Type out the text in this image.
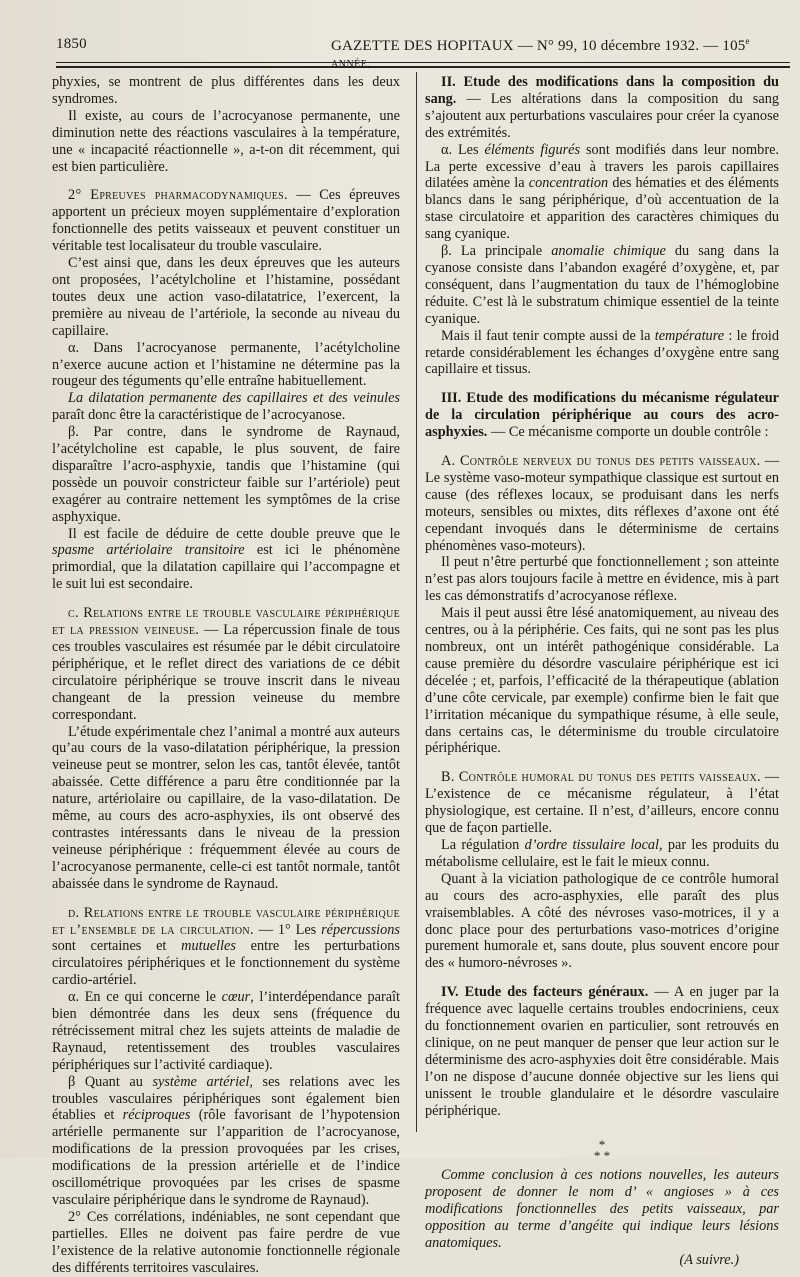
1850	GAZETTE DES HOPITAUX — N° 99, 10 décembre 1932. — 105e ANNÉE.

phyxies, se montrent de plus différentes dans les deux syndromes.

Il existe, au cours de l’acrocyanose permanente, une diminution nette des réactions vasculaires à la température, une « incapacité réactionnelle », a-t-on dit récemment, qui est bien particulière.

2° Epreuves pharmacodynamiques. — Ces épreuves apportent un précieux moyen supplémentaire d’exploration fonctionnelle des petits vaisseaux et peuvent constituer un véritable test localisateur du trouble vasculaire.

C’est ainsi que, dans les deux épreuves que les auteurs ont proposées, l’acétylcholine et l’histamine, possédant toutes deux une action vaso-dilatatrice, l’exercent, la première au niveau de l’artériole, la seconde au niveau du capillaire.

α. Dans l’acrocyanose permanente, l’acétylcholine n’exerce aucune action et l’histamine ne détermine pas la rougeur des téguments qu’elle entraîne habituellement.

La dilatation permanente des capillaires et des veinules paraît donc être la caractéristique de l’acrocyanose.

β. Par contre, dans le syndrome de Raynaud, l’acétylcholine est capable, le plus souvent, de faire disparaître l’acro-asphyxie, tandis que l’histamine (qui possède un pouvoir constricteur faible sur l’artériole) peut exagérer au contraire nettement les symptômes de la crise asphyxique.

Il est facile de déduire de cette double preuve que le spasme artériolaire transitoire est ici le phénomène primordial, que la dilatation capillaire qui l’accompagne et le suit lui est secondaire.

c. Relations entre le trouble vasculaire périphérique et la pression veineuse. — La répercussion finale de tous ces troubles vasculaires est résumée par le débit circulatoire périphérique, et le reflet direct des variations de ce débit circulatoire périphérique se trouve inscrit dans le niveau changeant de la pression veineuse du membre correspondant.

L’étude expérimentale chez l’animal a montré aux auteurs qu’au cours de la vaso-dilatation périphérique, la pression veineuse peut se montrer, selon les cas, tantôt élevée, tantôt abaissée. Cette différence a paru être conditionnée par la nature, artériolaire ou capillaire, de la vaso-dilatation. De même, au cours des acro-asphyxies, ils ont observé des contrastes intéressants dans le niveau de la pression veineuse périphérique : fréquemment élevée au cours de l’acrocyanose permanente, celle-ci est tantôt normale, tantôt abaissée dans le syndrome de Raynaud.

d. Relations entre le trouble vasculaire périphérique et l’ensemble de la circulation. — 1° Les répercussions sont certaines et mutuelles entre les perturbations circulatoires périphériques et le fonctionnement du système cardio-artériel.

α. En ce qui concerne le cœur, l’interdépendance paraît bien démontrée dans les deux sens (fréquence du rétrécissement mitral chez les sujets atteints de maladie de Raynaud, retentissement des troubles vasculaires périphériques sur l’activité cardiaque).

β Quant au système artériel, ses relations avec les troubles vasculaires périphériques sont également bien établies et réciproques (rôle favorisant de l’hypotension artérielle permanente sur l’apparition de l’acrocyanose, modifications de la pression provoquées par les crises, modifications de la pression artérielle et de l’indice oscillométrique provoquées par les crises de spasme vasculaire périphérique dans le syndrome de Raynaud).

2° Ces corrélations, indéniables, ne sont cependant que partielles. Elles ne doivent pas faire perdre de vue l’existence de la relative autonomie fonctionnelle régionale des différents territoires vasculaires.

II. Etude des modifications dans la composition du sang. — Les altérations dans la composition du sang s’ajoutent aux perturbations vasculaires pour créer la cyanose des extrémités.

α. Les éléments figurés sont modifiés dans leur nombre. La perte excessive d’eau à travers les parois capillaires dilatées amène la concentration des hématies et des éléments blancs dans le sang périphérique, d’où accentuation de la stase circulatoire et apparition des caractères chimiques du sang cyanique.

β. La principale anomalie chimique du sang dans la cyanose consiste dans l’abandon exagéré d’oxygène, et, par conséquent, dans l’augmentation du taux de l’hémoglobine réduite. C’est là le substratum chimique essentiel de la teinte cyanique.

Mais il faut tenir compte aussi de la température : le froid retarde considérablement les échanges d’oxygène entre sang capillaire et tissus.

III. Etude des modifications du mécanisme régulateur de la circulation périphérique au cours des acro-asphyxies. — Ce mécanisme comporte un double contrôle :

A. Contrôle nerveux du tonus des petits vaisseaux. — Le système vaso-moteur sympathique classique est surtout en cause (des réflexes locaux, se produisant dans les nerfs moteurs, sensibles ou mixtes, dits réflexes d’axone ont été cependant invoqués dans le déterminisme de certains phénomènes vaso-moteurs).

Il peut n’être perturbé que fonctionnellement ; son atteinte n’est pas alors toujours facile à mettre en évidence, mis à part les cas démonstratifs d’acrocyanose réflexe.

Mais il peut aussi être lésé anatomiquement, au niveau des centres, ou à la périphérie. Ces faits, qui ne sont pas les plus nombreux, ont un intérêt pathogénique considérable. La cause première du désordre vasculaire périphérique est ici décelée ; et, parfois, l’efficacité de la thérapeutique (ablation d’une côte cervicale, par exemple) confirme bien le fait que l’irritation mécanique du sympathique résume, à elle seule, dans certains cas, le déterminisme du trouble circulatoire périphérique.

B. Contrôle humoral du tonus des petits vaisseaux. — L’existence de ce mécanisme régulateur, à l’état physiologique, est certaine. Il n’est, d’ailleurs, encore connu que de façon partielle.

La régulation d’ordre tissulaire local, par les produits du métabolisme cellulaire, est le fait le mieux connu.

Quant à la viciation pathologique de ce contrôle humoral au cours des acro-asphyxies, elle paraît des plus vraisemblables. A côté des névroses vaso-motrices, il y a donc place pour des perturbations vaso-motrices d’origine purement humorale et, sans doute, plus souvent encore pour des « humoro-névroses ».

IV. Etude des facteurs généraux. — A en juger par la fréquence avec laquelle certains troubles endocriniens, ceux du fonctionnement ovarien en particulier, sont retrouvés en clinique, on ne peut manquer de penser que leur action sur le déterminisme des acro-asphyxies doit être considérable. Mais l’on ne dispose d’aucune donnée objective sur les liens qui unissent le trouble glandulaire et le désordre vasculaire périphérique.

*
* *

Comme conclusion à ces notions nouvelles, les auteurs proposent de donner le nom d’ « angioses » à ces modifications fonctionnelles des petits vaisseaux, par opposition au terme d’angéite qui indique leurs lésions anatomiques.

(A suivre.)
